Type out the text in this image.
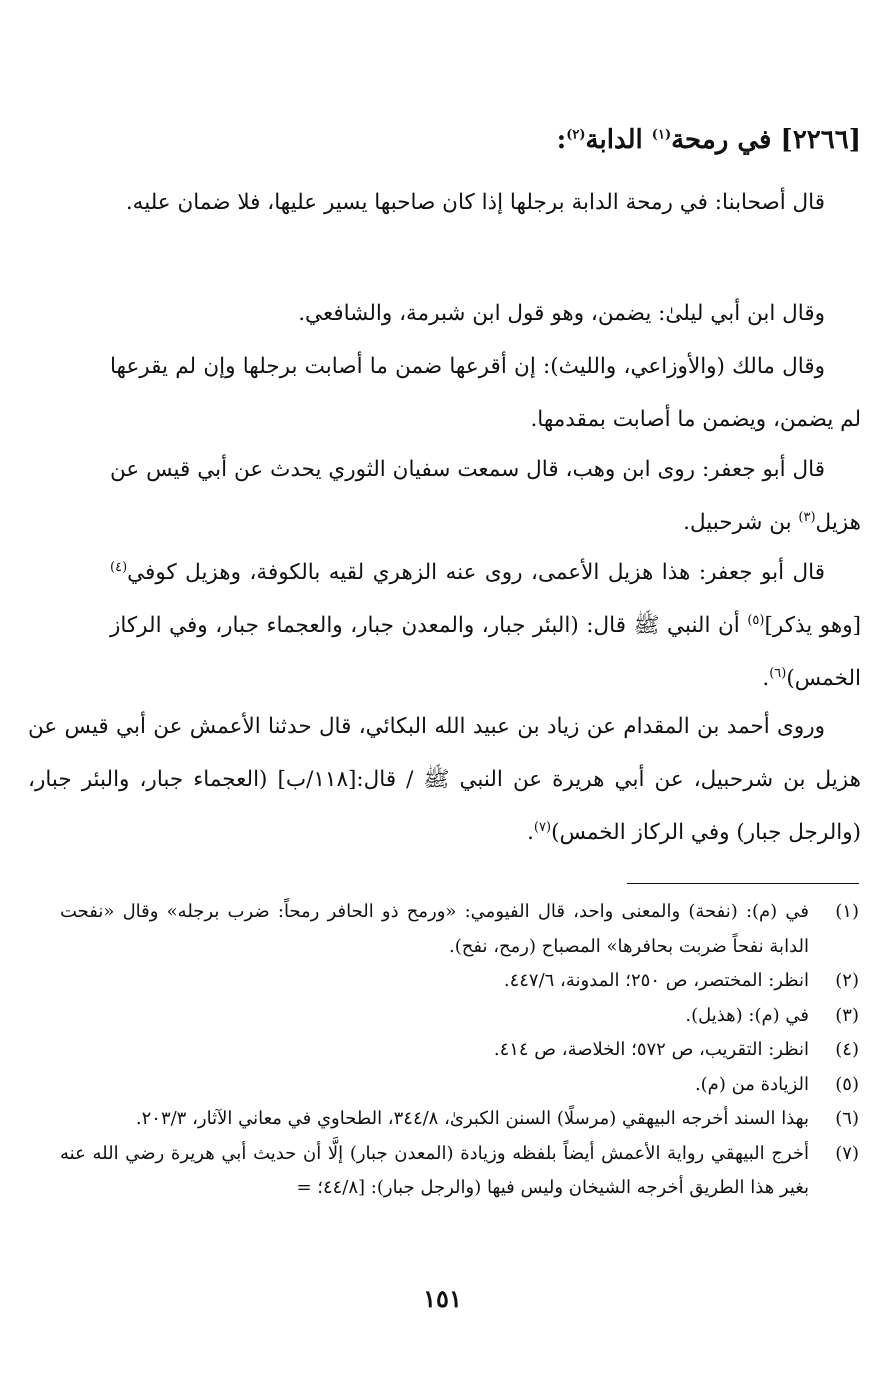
[٢٢٦٦] في رمحة$^{(١)}$ الدابة$^{(٢)}$:

قال أصحابنا: في رمحة الدابة برجلها إذا كان صاحبها يسير عليها، فلا ضمان عليه.

وقال ابن أبي ليلىٰ: يضمن، وهو قول ابن شبرمة، والشافعي.

وقال مالك (والأوزاعي، والليث): إن أقرعها ضمن ما أصابت برجلها وإن لم يقرعها لم يضمن، ويضمن ما أصابت بمقدمها.

قال أبو جعفر: روى ابن وهب، قال سمعت سفيان الثوري يحدث عن أبي قيس عن هزيل$^{(٣)}$ بن شرحبيل.

قال أبو جعفر: هذا هزيل الأعمى، روى عنه الزهري لقيه بالكوفة، وهزيل كوفي$^{(٤)}$ [وهو يذكر]$^{(٥)}$ أن النبي ﷺ قال: (البئر جبار، والمعدن جبار، والعجماء جبار، وفي الركاز الخمس)$^{(٦)}$.

وروى أحمد بن المقدام عن زياد بن عبيد الله البكائي، قال حدثنا الأعمش عن أبي قيس عن هزيل بن شرحبيل، عن أبي هريرة عن النبي ﷺ / قال:[١١٨/ب] (العجماء جبار، والبئر جبار، (والرجل جبار) وفي الركاز الخمس)$^{(٧)}$.

(١)
في (م): (نفحة) والمعنى واحد، قال الفيومي: «ورمح ذو الحافر رمحاً: ضرب برجله» وقال «نفحت الدابة نفحاً ضربت بحافرها» المصباح (رمح، نفح).
(٢)
انظر: المختصر، ص ٢٥٠؛ المدونة، ٤٤٧/٦.
(٣)
في (م): (هذيل).
(٤)
انظر: التقريب، ص ٥٧٢؛ الخلاصة، ص ٤١٤.
(٥)
الزيادة من (م).
(٦)
بهذا السند أخرجه البيهقي (مرسلًا) السنن الكبرىٰ، ٣٤٤/٨، الطحاوي في معاني الآثار، ٢٠٣/٣.
(٧)
أخرج البيهقي رواية الأعمش أيضاً بلفظه وزيادة (المعدن جبار) إلَّا أن حديث أبي هريرة رضي الله عنه بغير هذا الطريق أخرجه الشيخان وليس فيها (والرجل جبار): [٤٤/٨؛ =
١٥١
